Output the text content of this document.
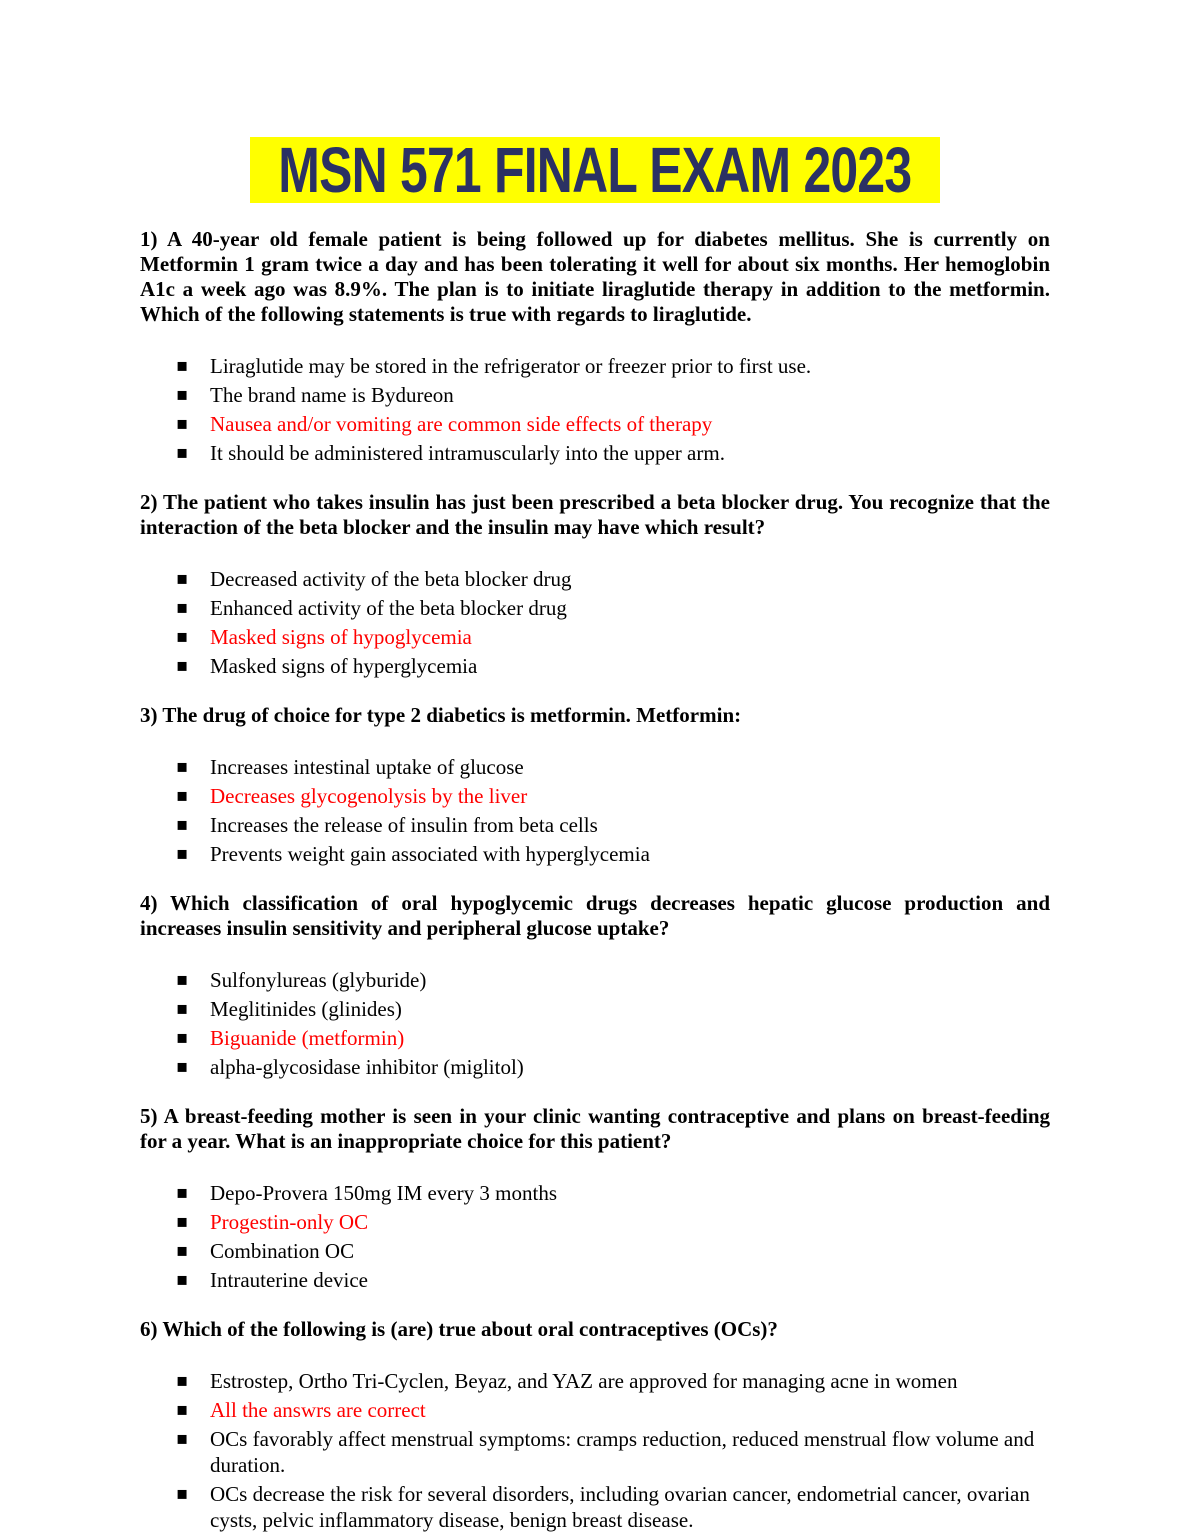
MSN 571 FINAL EXAM 2023

1) A 40-year old female patient is being followed up for diabetes mellitus. She is currently on Metformin 1 gram twice a day and has been tolerating it well for about six months. Her hemoglobin A1c a week ago was 8.9%. The plan is to initiate liraglutide therapy in addition to the metformin. Which of the following statements is true with regards to liraglutide.

▪
Liraglutide may be stored in the refrigerator or freezer prior to first use.
▪
The brand name is Bydureon
▪
Nausea and/or vomiting are common side effects of therapy
▪
It should be administered intramuscularly into the upper arm.

2) The patient who takes insulin has just been prescribed a beta blocker drug. You recognize that the interaction of the beta blocker and the insulin may have which result?

▪
Decreased activity of the beta blocker drug
▪
Enhanced activity of the beta blocker drug
▪
Masked signs of hypoglycemia
▪
Masked signs of hyperglycemia

3) The drug of choice for type 2 diabetics is metformin. Metformin:

▪
Increases intestinal uptake of glucose
▪
Decreases glycogenolysis by the liver
▪
Increases the release of insulin from beta cells
▪
Prevents weight gain associated with hyperglycemia

4) Which classification of oral hypoglycemic drugs decreases hepatic glucose production and increases insulin sensitivity and peripheral glucose uptake?

▪
Sulfonylureas (glyburide)
▪
Meglitinides (glinides)
▪
Biguanide (metformin)
▪
alpha-glycosidase inhibitor (miglitol)

5) A breast-feeding mother is seen in your clinic wanting contraceptive and plans on breast-feeding for a year. What is an inappropriate choice for this patient?

▪
Depo-Provera 150mg IM every 3 months
▪
Progestin-only OC
▪
Combination OC
▪
Intrauterine device

6) Which of the following is (are) true about oral contraceptives (OCs)?

▪
Estrostep, Ortho Tri-Cyclen, Beyaz, and YAZ are approved for managing acne in women
▪
All the answrs are correct
▪
OCs favorably affect menstrual symptoms: cramps reduction, reduced menstrual flow volume and duration.
▪
OCs decrease the risk for several disorders, including ovarian cancer, endometrial cancer, ovarian cysts, pelvic inflammatory disease, benign breast disease.
